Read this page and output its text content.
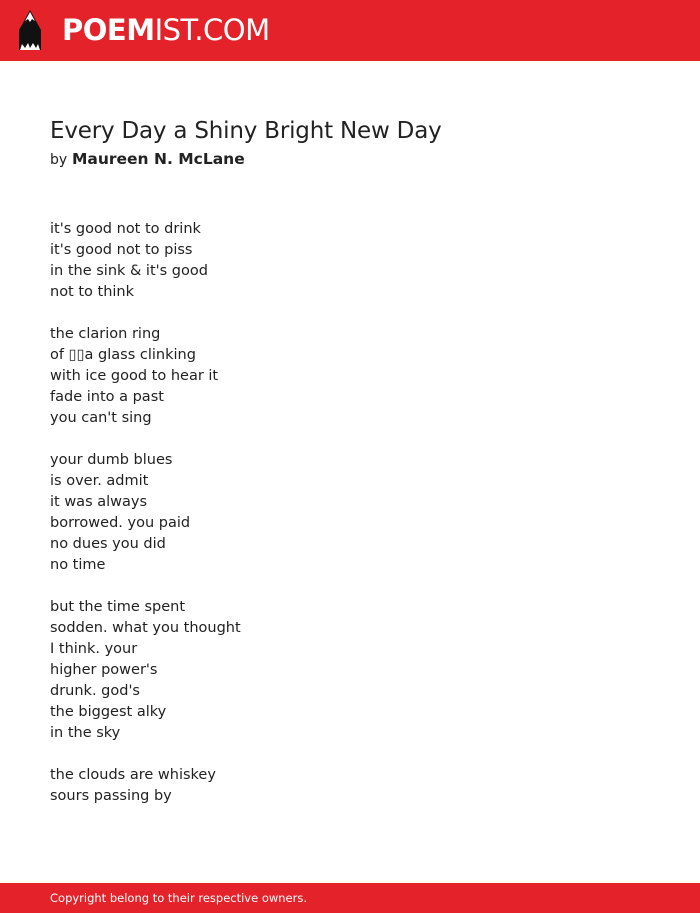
POEMIST.COM
Every Day a Shiny Bright New Day
by Maureen N. McLane
it's good not to drink
it's good not to piss
in the sink & it's good
not to think
the clarion ring
of ▯▯a glass clinking
with ice good to hear it
fade into a past
you can't sing
your dumb blues
is over. admit
it was always
borrowed. you paid
no dues you did
no time
but the time spent
sodden. what you thought
I think. your
higher power's
drunk. god's
the biggest alky
in the sky
the clouds are whiskey
sours passing by
Copyright belong to their respective owners.
